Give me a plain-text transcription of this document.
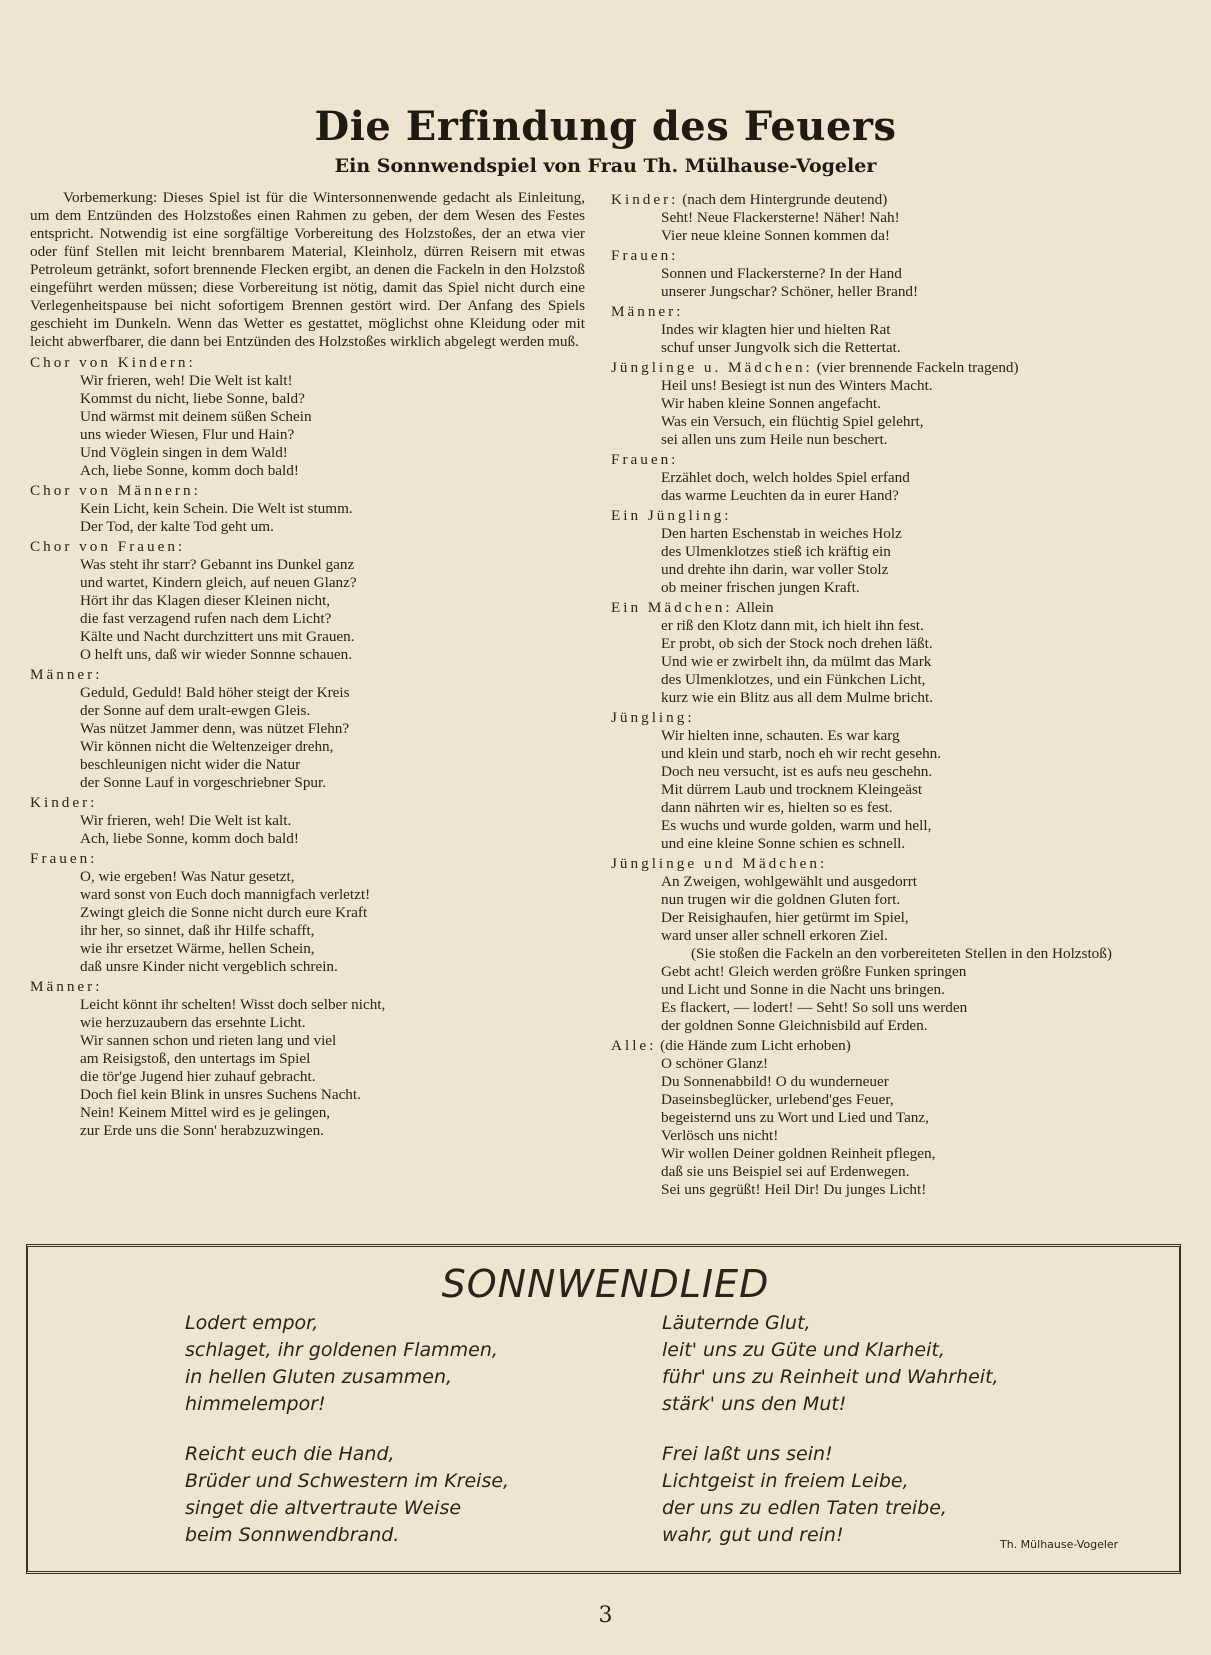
Die Erfindung des Feuers
Ein Sonnwendspiel von Frau Th. Mülhause-Vogeler

Vorbemerkung: Dieses Spiel ist für die Wintersonnenwende gedacht als Einleitung, um dem Entzünden des Holzstoßes einen Rahmen zu geben, der dem Wesen des Festes entspricht. Notwendig ist eine sorgfältige Vorbereitung des Holzstoßes, der an etwa vier oder fünf Stellen mit leicht brennbarem Material, Kleinholz, dürren Reisern mit etwas Petroleum getränkt, sofort brennende Flecken ergibt, an denen die Fackeln in den Holzstoß eingeführt werden müssen; diese Vorbereitung ist nötig, damit das Spiel nicht durch eine Verlegenheitspause bei nicht sofortigem Brennen gestört wird. Der Anfang des Spiels geschieht im Dunkeln. Wenn das Wetter es gestattet, möglichst ohne Kleidung oder mit leicht abwerfbarer, die dann bei Entzünden des Holzstoßes wirklich abgelegt werden muß.

Chor von Kindern:
Wir frieren, weh! Die Welt ist kalt!
Kommst du nicht, liebe Sonne, bald?
Und wärmst mit deinem süßen Schein
uns wieder Wiesen, Flur und Hain?
Und Vöglein singen in dem Wald!
Ach, liebe Sonne, komm doch bald!
Chor von Männern:
Kein Licht, kein Schein. Die Welt ist stumm.
Der Tod, der kalte Tod geht um.
Chor von Frauen:
Was steht ihr starr? Gebannt ins Dunkel ganz
und wartet, Kindern gleich, auf neuen Glanz?
Hört ihr das Klagen dieser Kleinen nicht,
die fast verzagend rufen nach dem Licht?
Kälte und Nacht durchzittert uns mit Grauen.
O helft uns, daß wir wieder Sonnne schauen.
Männer:
Geduld, Geduld! Bald höher steigt der Kreis
der Sonne auf dem uralt-ewgen Gleis.
Was nützet Jammer denn, was nützet Flehn?
Wir können nicht die Weltenzeiger drehn,
beschleunigen nicht wider die Natur
der Sonne Lauf in vorgeschriebner Spur.
Kinder:
Wir frieren, weh! Die Welt ist kalt.
Ach, liebe Sonne, komm doch bald!
Frauen:
O, wie ergeben! Was Natur gesetzt,
ward sonst von Euch doch mannigfach verletzt!
Zwingt gleich die Sonne nicht durch eure Kraft
ihr her, so sinnet, daß ihr Hilfe schafft,
wie ihr ersetzet Wärme, hellen Schein,
daß unsre Kinder nicht vergeblich schrein.
Männer:
Leicht könnt ihr schelten! Wisst doch selber nicht,
wie herzuzaubern das ersehnte Licht.
Wir sannen schon und rieten lang und viel
am Reisigstoß, den untertags im Spiel
die tör'ge Jugend hier zuhauf gebracht.
Doch fiel kein Blink in unsres Suchens Nacht.
Nein! Keinem Mittel wird es je gelingen,
zur Erde uns die Sonn' herabzuzwingen.
Kinder: (nach dem Hintergrunde deutend)
Seht! Neue Flackersterne! Näher! Nah!
Vier neue kleine Sonnen kommen da!
Frauen:
Sonnen und Flackersterne? In der Hand
unserer Jungschar? Schöner, heller Brand!
Männer:
Indes wir klagten hier und hielten Rat
schuf unser Jungvolk sich die Rettertat.
Jünglinge u. Mädchen: (vier brennende Fackeln tragend)
Heil uns! Besiegt ist nun des Winters Macht.
Wir haben kleine Sonnen angefacht.
Was ein Versuch, ein flüchtig Spiel gelehrt,
sei allen uns zum Heile nun beschert.
Frauen:
Erzählet doch, welch holdes Spiel erfand
das warme Leuchten da in eurer Hand?
Ein Jüngling:
Den harten Eschenstab in weiches Holz
des Ulmenklotzes stieß ich kräftig ein
und drehte ihn darin, war voller Stolz
ob meiner frischen jungen Kraft.
Ein Mädchen: Allein
er riß den Klotz dann mit, ich hielt ihn fest.
Er probt, ob sich der Stock noch drehen läßt.
Und wie er zwirbelt ihn, da mülmt das Mark
des Ulmenklotzes, und ein Fünkchen Licht,
kurz wie ein Blitz aus all dem Mulme bricht.
Jüngling:
Wir hielten inne, schauten. Es war karg
und klein und starb, noch eh wir recht gesehn.
Doch neu versucht, ist es aufs neu geschehn.
Mit dürrem Laub und trocknem Kleingeäst
dann nährten wir es, hielten so es fest.
Es wuchs und wurde golden, warm und hell,
und eine kleine Sonne schien es schnell.
Jünglinge und Mädchen:
An Zweigen, wohlgewählt und ausgedorrt
nun trugen wir die goldnen Gluten fort.
Der Reisighaufen, hier getürmt im Spiel,
ward unser aller schnell erkoren Ziel.
(Sie stoßen die Fackeln an den vorbereiteten Stellen in den Holzstoß)
Gebt acht! Gleich werden größre Funken springen
und Licht und Sonne in die Nacht uns bringen.
Es flackert, — lodert! — Seht! So soll uns werden
der goldnen Sonne Gleichnisbild auf Erden.
Alle: (die Hände zum Licht erhoben)
O schöner Glanz!
Du Sonnenabbild! O du wunderneuer
Daseinsbeglücker, urlebend'ges Feuer,
begeisternd uns zu Wort und Lied und Tanz,
Verlösch uns nicht!
Wir wollen Deiner goldnen Reinheit pflegen,
daß sie uns Beispiel sei auf Erdenwegen.
Sei uns gegrüßt! Heil Dir! Du junges Licht!
SONNWENDLIED
Lodert empor,
schlaget, ihr goldenen Flammen,
in hellen Gluten zusammen,
himmelempor!
Reicht euch die Hand,
Brüder und Schwestern im Kreise,
singet die altvertraute Weise
beim Sonnwendbrand.
Läuternde Glut,
leit' uns zu Güte und Klarheit,
führ' uns zu Reinheit und Wahrheit,
stärk' uns den Mut!
Frei laßt uns sein!
Lichtgeist in freiem Leibe,
der uns zu edlen Taten treibe,
wahr, gut und rein!	Th. Mülhause-Vogeler
3
